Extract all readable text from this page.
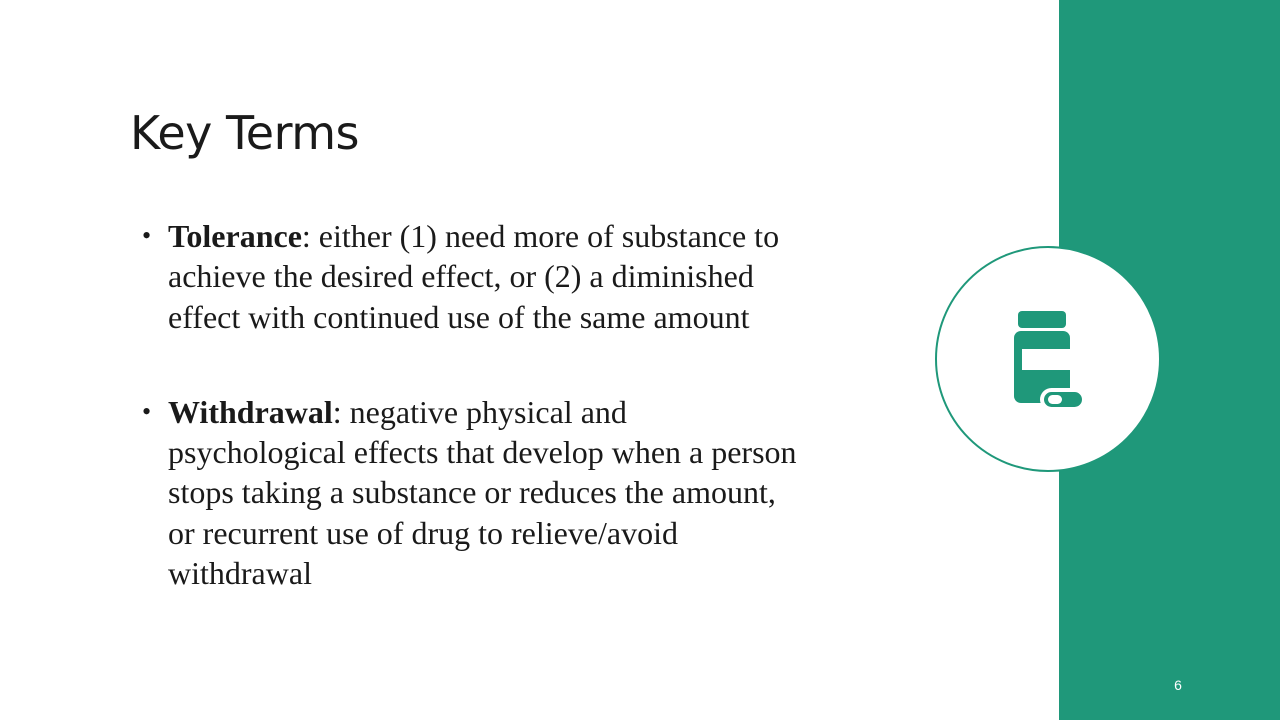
Key Terms
• Tolerance: either (1) need more of substance to achieve the desired effect, or (2) a diminished effect with continued use of the same amount
• Withdrawal: negative physical and psychological effects that develop when a person stops taking a substance or reduces the amount, or recurrent use of drug to relieve/avoid withdrawal
6
